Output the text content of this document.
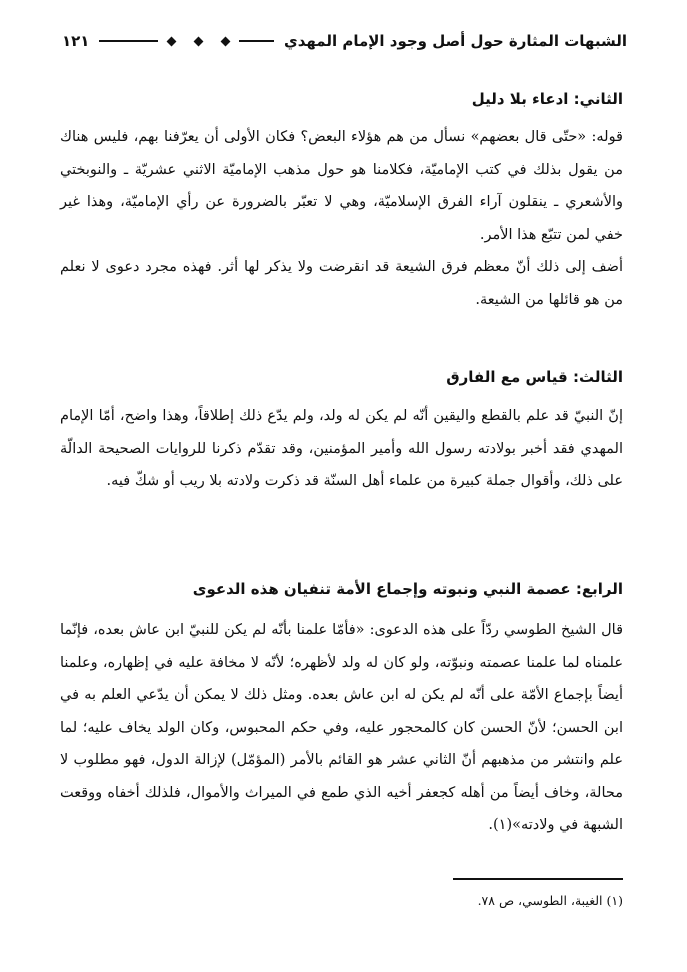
الشبهات المثارة حول أصل وجود الإمام المهدي
١٢١
الثاني: ادعاء بلا دليل

قوله: «حتّى قال بعضهم» نسأل من هم هؤلاء البعض؟ فكان الأولى أن يعرّفنا بهم، فليس هناك من يقول بذلك في كتب الإماميّة، فكلامنا هو حول مذهب الإماميّة الاثني عشريّة ـ والنوبختي والأشعري ـ ينقلون آراء الفرق الإسلاميّة، وهي لا تعبّر بالضرورة عن رأي الإماميّة، وهذا غير خفي لمن تتبّع هذا الأمر.

أضف إلى ذلك أنّ معظم فرق الشيعة قد انقرضت ولا يذكر لها أثر. فهذه مجرد دعوى لا نعلم من هو قائلها من الشيعة.

الثالث: قياس مع الفارق

إنّ النبيّ قد علم بالقطع واليقين أنّه لم يكن له ولد، ولم يدّع ذلك إطلاقاً، وهذا واضح، أمّا الإمام المهدي فقد أخبر بولادته رسول الله وأمير المؤمنين، وقد تقدّم ذكرنا للروايات الصحيحة الدالّة على ذلك، وأقوال جملة كبيرة من علماء أهل السنّة قد ذكرت ولادته بلا ريب أو شكّ فيه.

الرابع: عصمة النبي ونبوته وإجماع الأمة تنفيان هذه الدعوى

قال الشيخ الطوسي ردّاً على هذه الدعوى: «فأمّا علمنا بأنّه لم يكن للنبيّ ابن عاش بعده، فإنّما علمناه لما علمنا عصمته ونبوّته، ولو كان له ولد لأظهره؛ لأنّه لا مخافة عليه في إظهاره، وعلمنا أيضاً بإجماع الأمّة على أنّه لم يكن له ابن عاش بعده. ومثل ذلك لا يمكن أن يدّعي العلم به في ابن الحسن؛ لأنّ الحسن كان كالمحجور عليه، وفي حكم المحبوس، وكان الولد يخاف عليه؛ لما علم وانتشر من مذهبهم أنّ الثاني عشر هو القائم بالأمر (المؤمّل) لإزالة الدول، فهو مطلوب لا محالة، وخاف أيضاً من أهله كجعفر أخيه الذي طمع في الميراث والأموال، فلذلك أخفاه ووقعت الشبهة في ولادته»(١).

(١) الغيبة، الطوسي، ص ٧٨.
